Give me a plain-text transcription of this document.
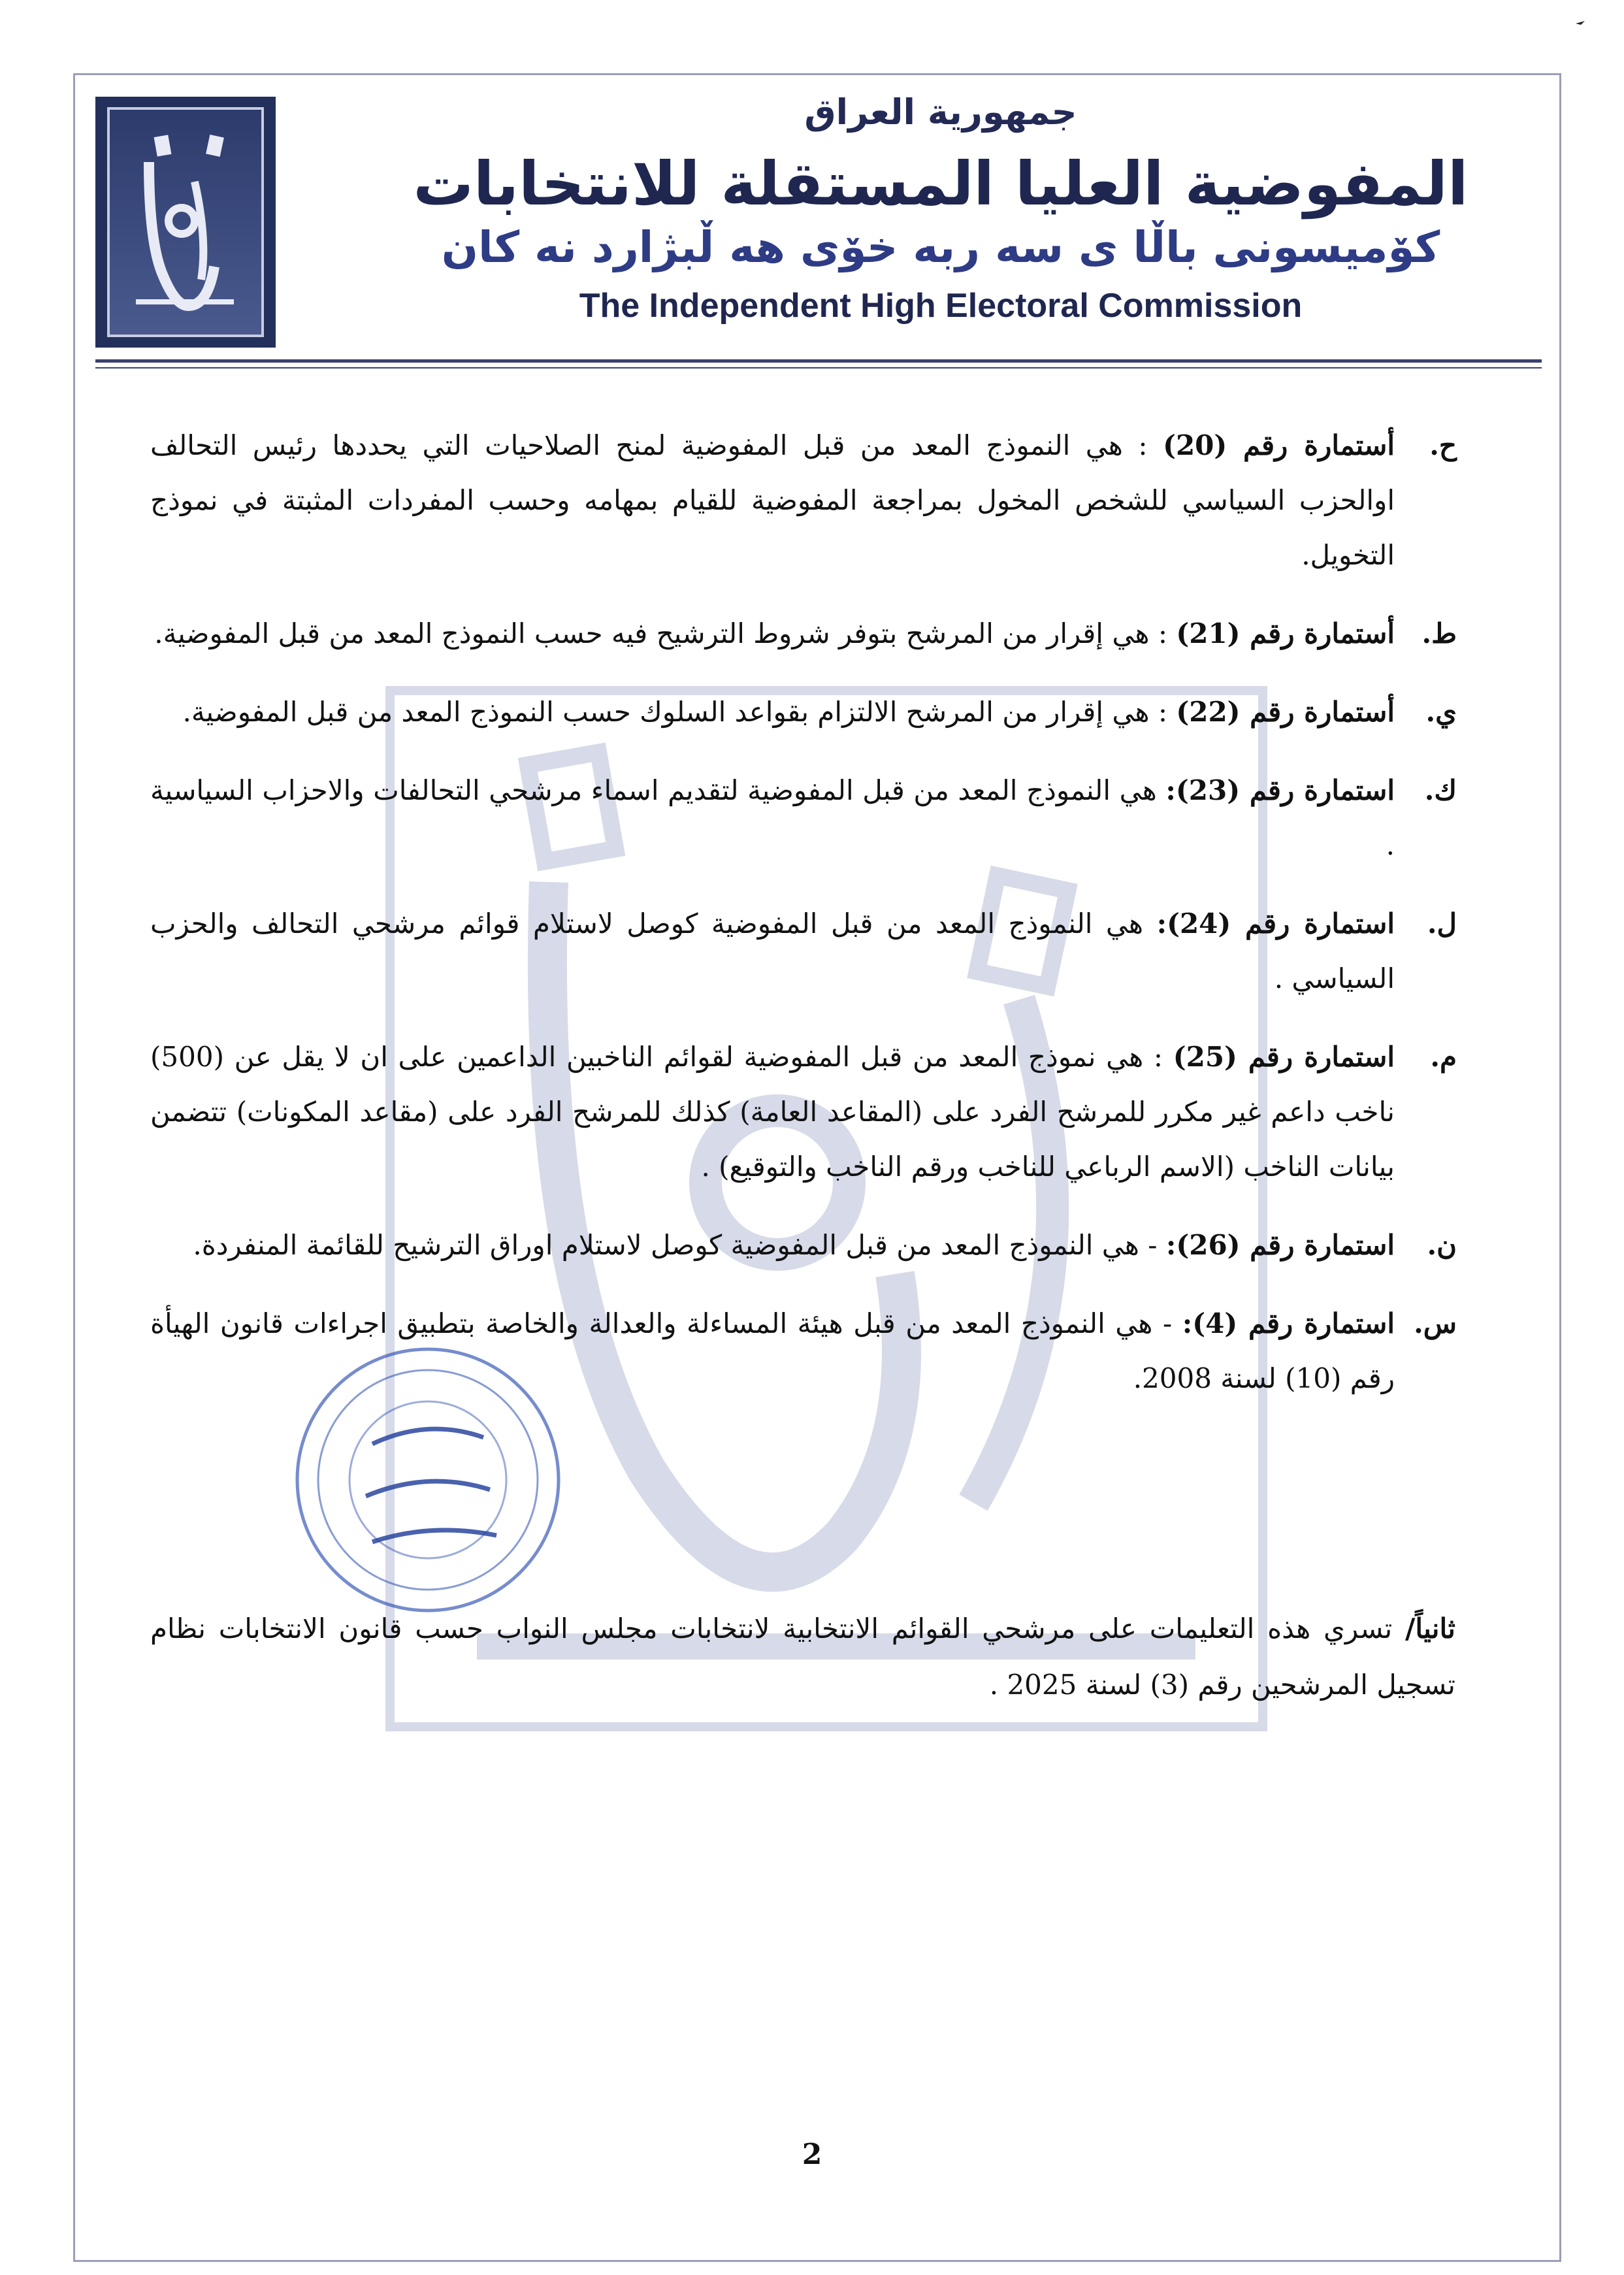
جمهورية العراق
المفوضية العليا المستقلة للانتخابات
كۆميسونی باڵا ی سه ربه خۆی هه ڵبژارد نه كان
The Independent High Electoral Commission
ح.
أستمارة رقم (20) : هي النموذج المعد من قبل المفوضية لمنح الصلاحيات التي يحددها رئيس التحالف اوالحزب السياسي للشخص المخول بمراجعة المفوضية للقيام بمهامه وحسب المفردات المثبتة في نموذج التخويل.
ط.
أستمارة رقم (21) : هي إقرار من المرشح بتوفر شروط الترشيح فيه حسب النموذج المعد من قبل المفوضية.
ي.
أستمارة رقم (22) : هي إقرار من المرشح الالتزام بقواعد السلوك حسب النموذج المعد من قبل المفوضية.
ك.
استمارة رقم (23): هي النموذج المعد من قبل المفوضية لتقديم اسماء مرشحي التحالفات والاحزاب السياسية .
ل.
استمارة رقم (24): هي النموذج المعد من قبل المفوضية كوصل لاستلام قوائم مرشحي التحالف والحزب السياسي .
م.
استمارة رقم (25) : هي نموذج المعد من قبل المفوضية لقوائم الناخبين الداعمين على ان لا يقل عن (500) ناخب داعم غير مكرر للمرشح الفرد على (المقاعد العامة) كذلك للمرشح الفرد على (مقاعد المكونات) تتضمن بيانات الناخب (الاسم الرباعي للناخب ورقم الناخب والتوقيع) .
ن.
استمارة رقم (26): - هي النموذج المعد من قبل المفوضية كوصل لاستلام اوراق الترشيح للقائمة المنفردة.
س.
استمارة رقم (4): - هي النموذج المعد من قبل هيئة المساءلة والعدالة والخاصة بتطبيق اجراءات قانون الهيأة رقم (10) لسنة 2008.
ثانياً/ تسري هذه التعليمات على مرشحي القوائم الانتخابية لانتخابات مجلس النواب حسب قانون الانتخابات نظام تسجيل المرشحين رقم (3) لسنة 2025 .
2
